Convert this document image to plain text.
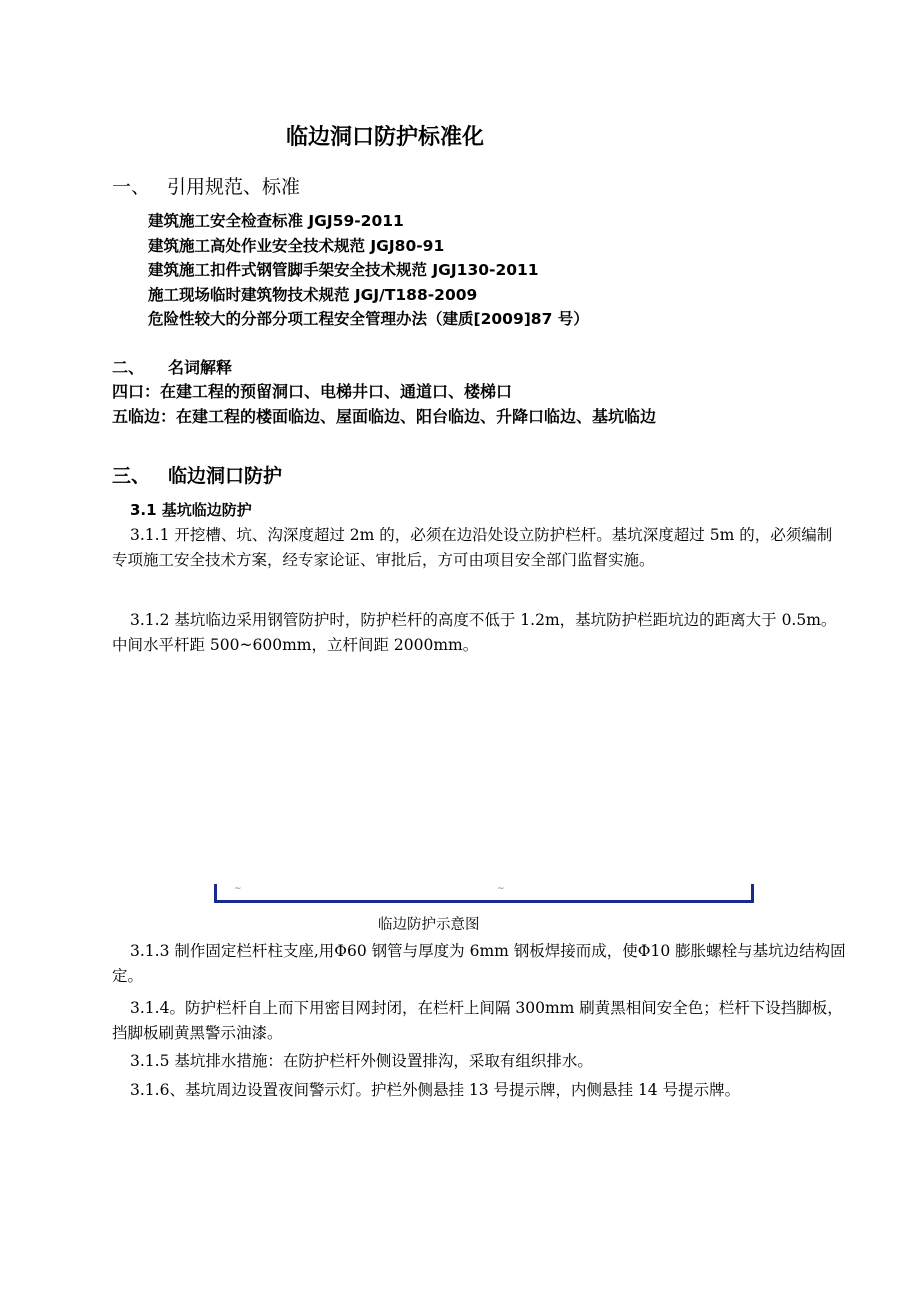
临边洞口防护标准化
一、 引用规范、标准
建筑施工安全检查标准 JGJ59-2011
建筑施工高处作业安全技术规范 JGJ80-91
建筑施工扣件式钢管脚手架安全技术规范 JGJ130-2011
施工现场临时建筑物技术规范 JGJ/T188-2009
危险性较大的分部分项工程安全管理办法（建质[2009]87 号）
二、 名词解释
四口：在建工程的预留洞口、电梯井口、通道口、楼梯口
五临边：在建工程的楼面临边、屋面临边、阳台临边、升降口临边、基坑临边
三、 临边洞口防护
3.1 基坑临边防护
3.1.1 开挖槽、坑、沟深度超过 2m 的，必须在边沿处设立防护栏杆。基坑深度超过 5m 的，必须编制专项施工安全技术方案，经专家论证、审批后，方可由项目安全部门监督实施。
3.1.2 基坑临边采用钢管防护时，防护栏杆的高度不低于 1.2m，基坑防护栏距坑边的距离大于 0.5m。中间水平杆距 500~600mm，立杆间距 2000mm。
~	~
临边防护示意图
3.1.3 制作固定栏杆柱支座,用Φ60 钢管与厚度为 6mm 钢板焊接而成，使Φ10 膨胀螺栓与基坑边结构固定。
3.1.4。防护栏杆自上而下用密目网封闭，在栏杆上间隔 300mm 刷黄黑相间安全色；栏杆下设挡脚板，挡脚板刷黄黑警示油漆。
3.1.5 基坑排水措施：在防护栏杆外侧设置排沟，采取有组织排水。
3.1.6、基坑周边设置夜间警示灯。护栏外侧悬挂 13 号提示牌，内侧悬挂 14 号提示牌。
